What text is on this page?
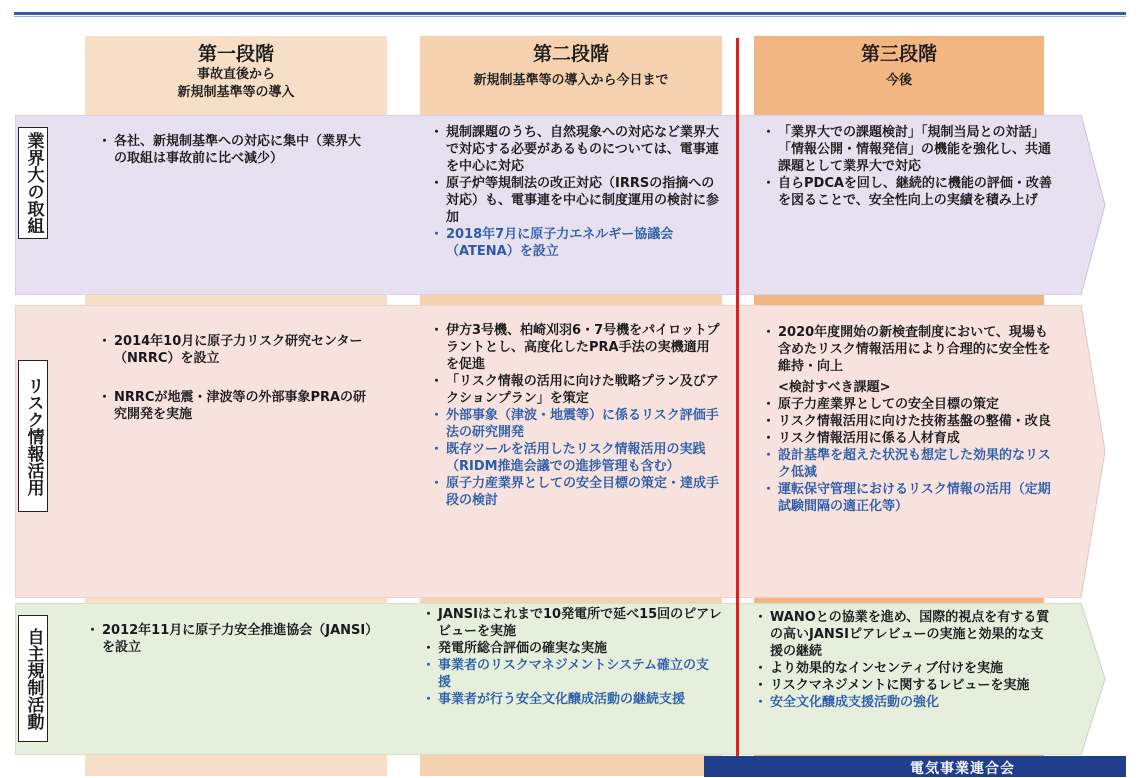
第一段階
事故直後から
新規制基準等の導入
第二段階
新規制基準等の導入から今日まで
第三段階
今後
業界大の取組
リスク情報活用
自主規制活動
・ 各社、新規制基準への対応に集中（業界大の取組は事故前に比べ減少）
・ 規制課題のうち、自然現象への対応など業界大で対応する必要があるものについては、電事連を中心に対応
・ 原子炉等規制法の改正対応（IRRSの指摘への対応）も、電事連を中心に制度運用の検討に参加
・ 2018年7月に原子力エネルギー協議会（ATENA）を設立
・ 「業界大での課題検討」「規制当局との対話」「情報公開・情報発信」の機能を強化し、共通課題として業界大で対応
・ 自らPDCAを回し、継続的に機能の評価・改善を図ることで、安全性向上の実績を積み上げ
・ 2014年10月に原子力リスク研究センター（NRRC）を設立
・ NRRCが地震・津波等の外部事象PRAの研究開発を実施
・ 伊方3号機、柏崎刈羽6・7号機をパイロットプラントとし、高度化したPRA手法の実機適用を促進
・ 「リスク情報の活用に向けた戦略プラン及びアクションプラン」を策定
・ 外部事象（津波・地震等）に係るリスク評価手法の研究開発
・ 既存ツールを活用したリスク情報活用の実践（RIDM推進会議での進捗管理も含む）
・ 原子力産業界としての安全目標の策定・達成手段の検討
・ 2020年度開始の新検査制度において、現場も含めたリスク情報活用により合理的に安全性を維持・向上
<検討すべき課題>
・ 原子力産業界としての安全目標の策定
・ リスク情報活用に向けた技術基盤の整備・改良
・ リスク情報活用に係る人材育成
・ 設計基準を超えた状況も想定した効果的なリスク低減
・ 運転保守管理におけるリスク情報の活用（定期試験間隔の適正化等）
・ 2012年11月に原子力安全推進協会（JANSI）を設立
・ JANSIはこれまで10発電所で延べ15回のピアレビューを実施
・ 発電所総合評価の確実な実施
・ 事業者のリスクマネジメントシステム確立の支援
・ 事業者が行う安全文化醸成活動の継続支援
・ WANOとの協業を進め、国際的視点を有する質の高いJANSIピアレビューの実施と効果的な支援の継続
・ より効果的なインセンティブ付けを実施
・ リスクマネジメントに関するレビューを実施
・ 安全文化醸成支援活動の強化
電気事業連合会
